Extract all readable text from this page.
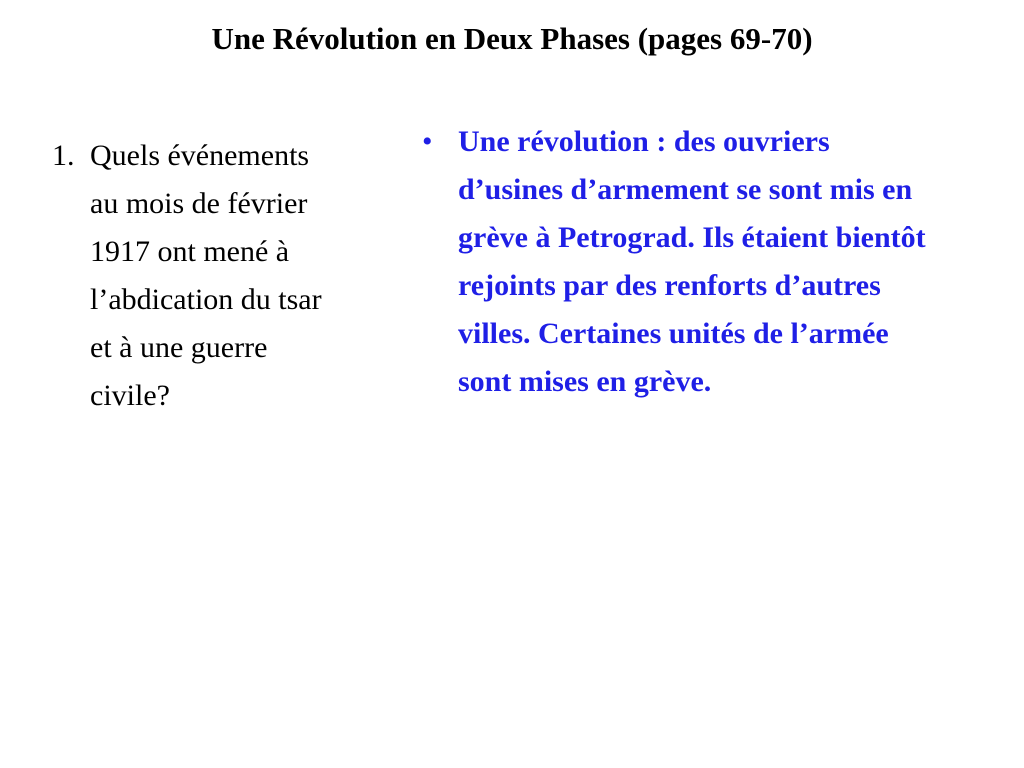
Une Révolution en Deux Phases (pages 69-70)
1. Quels événements au mois de février 1917 ont mené à l’abdication du tsar et à une guerre civile?
• Une révolution : des ouvriers d’usines d’armement se sont mis en grève à Petrograd. Ils étaient bientôt rejoints par des renforts d’autres villes. Certaines unités de l’armée sont mises en grève.
